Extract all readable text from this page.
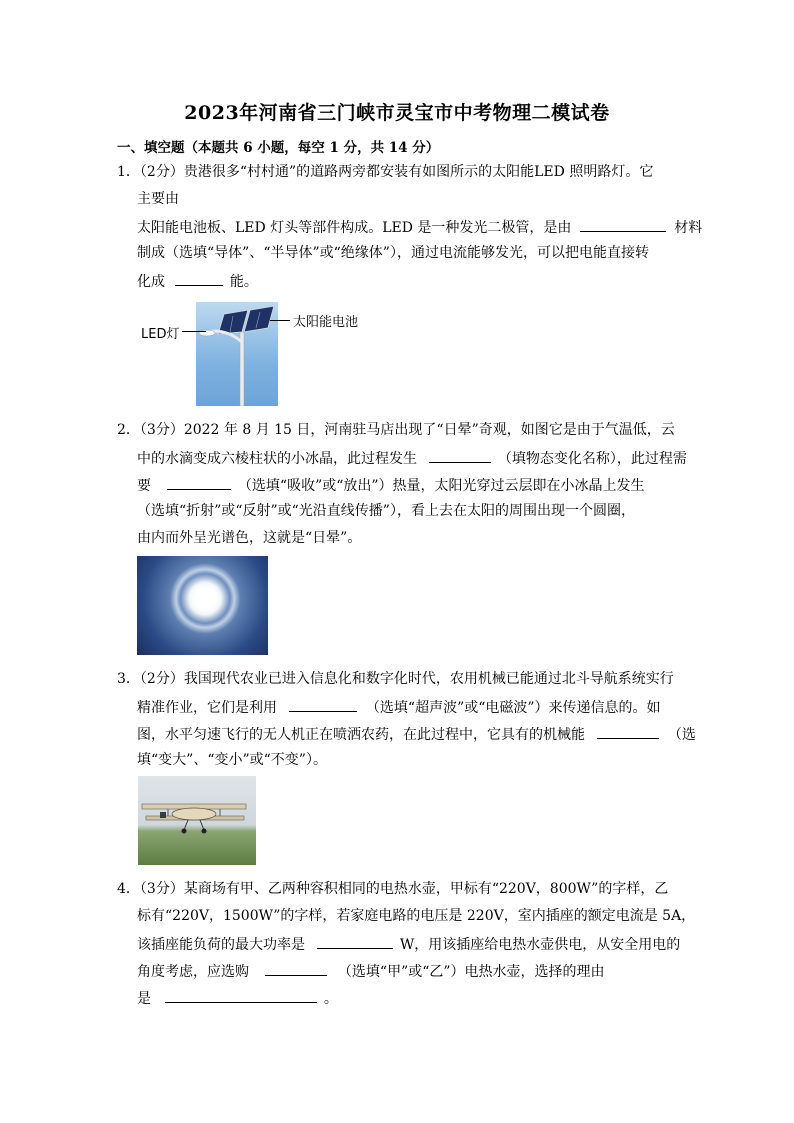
2023年河南省三门峡市灵宝市中考物理二模试卷
一、填空题（本题共 6 小题，每空 1 分，共 14 分）
1．（2分）贵港很多“村村通”的道路两旁都安装有如图所示的太阳能LED 照明路灯。它
主要由
太阳能电池板、LED 灯头等部件构成。LED 是一种发光二极管，是由	材料
制成（选填“导体”、“半导体”或“绝缘体”），通过电流能够发光，可以把电能直接转
化成	能。
LED灯
太阳能电池
2．（3分）2022 年 8 月 15 日，河南驻马店出现了“日晕”奇观，如图它是由于气温低，云
中的水滴变成六棱柱状的小冰晶，此过程发生	（填物态变化名称），此过程需
要	（选填“吸收”或“放出”）热量，太阳光穿过云层即在小冰晶上发生
（选填“折射”或“反射”或“光沿直线传播”），看上去在太阳的周围出现一个圆圈，
由内而外呈光谱色，这就是“日晕”。
3．（2分）我国现代农业已进入信息化和数字化时代，农用机械已能通过北斗导航系统实行
精准作业，它们是利用	（选填“超声波”或“电磁波”）来传递信息的。如
图，水平匀速飞行的无人机正在喷洒农药，在此过程中，它具有的机械能	（选
填“变大”、“变小”或“不变”）。
4．（3分）某商场有甲、乙两种容积相同的电热水壶，甲标有“220V，800W”的字样，乙
标有“220V，1500W”的字样，若家庭电路的电压是 220V，室内插座的额定电流是 5A，
该插座能负荷的最大功率是	W，用该插座给电热水壶供电，从安全用电的
角度考虑，应选购	（选填“甲”或“乙”）电热水壶，选择的理由
是	。
